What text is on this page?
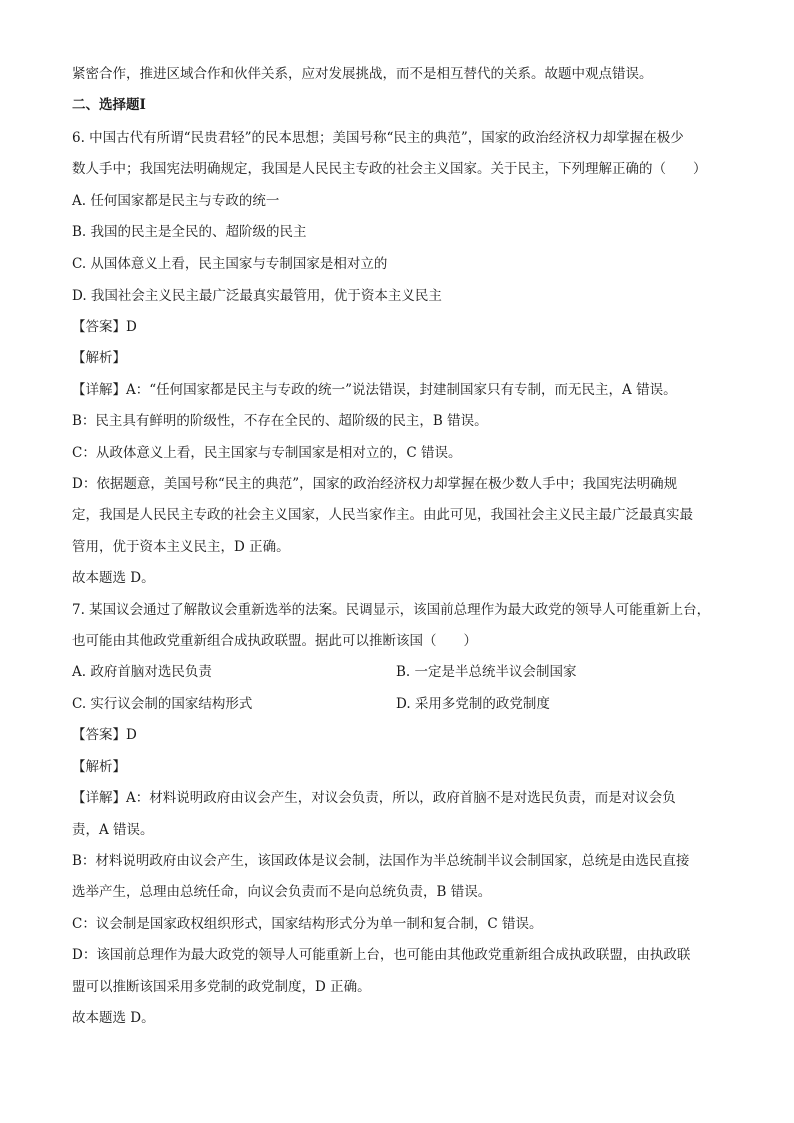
紧密合作，推进区域合作和伙伴关系，应对发展挑战，而不是相互替代的关系。故题中观点错误。
二、选择题Ⅰ
6. 中国古代有所谓“民贵君轻”的民本思想；美国号称“民主的典范”，国家的政治经济权力却掌握在极少
数人手中；我国宪法明确规定，我国是人民民主专政的社会主义国家。关于民主，下列理解正确的（　　）
A. 任何国家都是民主与专政的统一
B. 我国的民主是全民的、超阶级的民主
C. 从国体意义上看，民主国家与专制国家是相对立的
D. 我国社会主义民主最广泛最真实最管用，优于资本主义民主
【答案】D
【解析】
【详解】A：“任何国家都是民主与专政的统一”说法错误，封建制国家只有专制，而无民主，A 错误。
B：民主具有鲜明的阶级性，不存在全民的、超阶级的民主，B 错误。
C：从政体意义上看，民主国家与专制国家是相对立的，C 错误。
D：依据题意，美国号称“民主的典范”，国家的政治经济权力却掌握在极少数人手中；我国宪法明确规
定，我国是人民民主专政的社会主义国家，人民当家作主。由此可见，我国社会主义民主最广泛最真实最
管用，优于资本主义民主，D 正确。
故本题选 D。
7. 某国议会通过了解散议会重新选举的法案。民调显示，该国前总理作为最大政党的领导人可能重新上台，
也可能由其他政党重新组合成执政联盟。据此可以推断该国（　　）
A. 政府首脑对选民负责	B. 一定是半总统半议会制国家
C. 实行议会制的国家结构形式	D. 采用多党制的政党制度
【答案】D
【解析】
【详解】A：材料说明政府由议会产生，对议会负责，所以，政府首脑不是对选民负责，而是对议会负
责，A 错误。
B：材料说明政府由议会产生，该国政体是议会制，法国作为半总统制半议会制国家，总统是由选民直接
选举产生，总理由总统任命，向议会负责而不是向总统负责，B 错误。
C：议会制是国家政权组织形式，国家结构形式分为单一制和复合制，C 错误。
D：该国前总理作为最大政党的领导人可能重新上台，也可能由其他政党重新组合成执政联盟，由执政联
盟可以推断该国采用多党制的政党制度，D 正确。
故本题选 D。
